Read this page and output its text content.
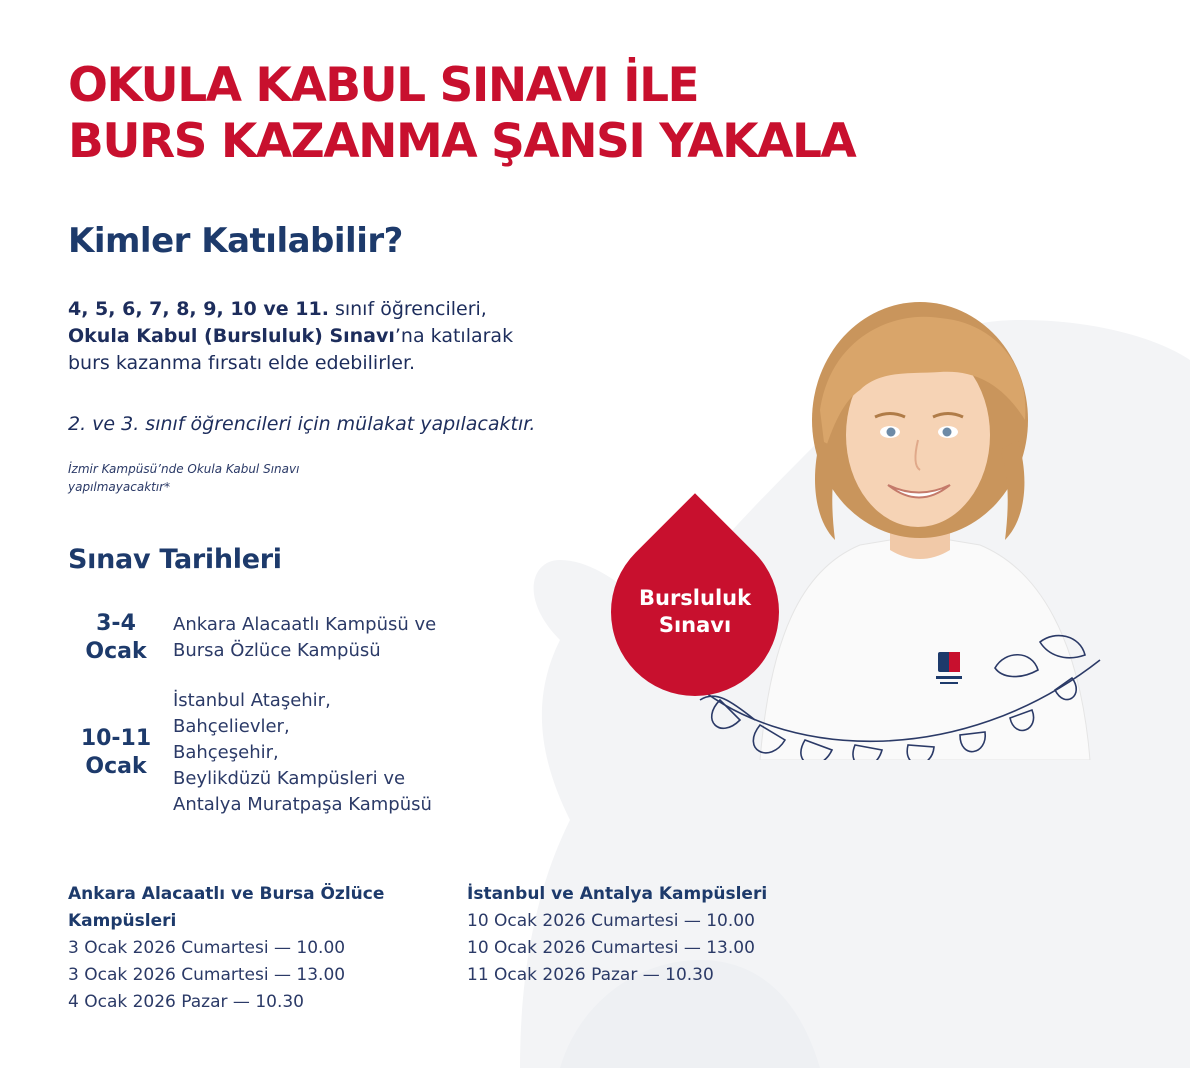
OKULA KABUL SINAVI İLE
BURS KAZANMA ŞANSI YAKALA
Kimler Katılabilir?

4, 5, 6, 7, 8, 9, 10 ve 11. sınıf öğrencileri,
Okula Kabul (Bursluluk) Sınavı’na katılarak
burs kazanma fırsatı elde edebilirler.

2. ve 3. sınıf öğrencileri için mülakat yapılacaktır.

İzmir Kampüsü’nde Okula Kabul Sınavı
yapılmayacaktır*

Sınav Tarihleri
3-4
Ocak
Ankara Alacaatlı Kampüsü ve
Bursa Özlüce Kampüsü
10-11
Ocak
İstanbul Ataşehir,
Bahçelievler,
Bahçeşehir,
Beylikdüzü Kampüsleri ve
Antalya Muratpaşa Kampüsü
Ankara Alacaatlı ve Bursa Özlüce
Kampüsleri
3 Ocak 2026 Cumartesi — 10.00
3 Ocak 2026 Cumartesi — 13.00
4 Ocak 2026 Pazar — 10.30
İstanbul ve Antalya Kampüsleri
10 Ocak 2026 Cumartesi — 10.00
10 Ocak 2026 Cumartesi — 13.00
11 Ocak 2026 Pazar — 10.30
Bursluluk
Sınavı
